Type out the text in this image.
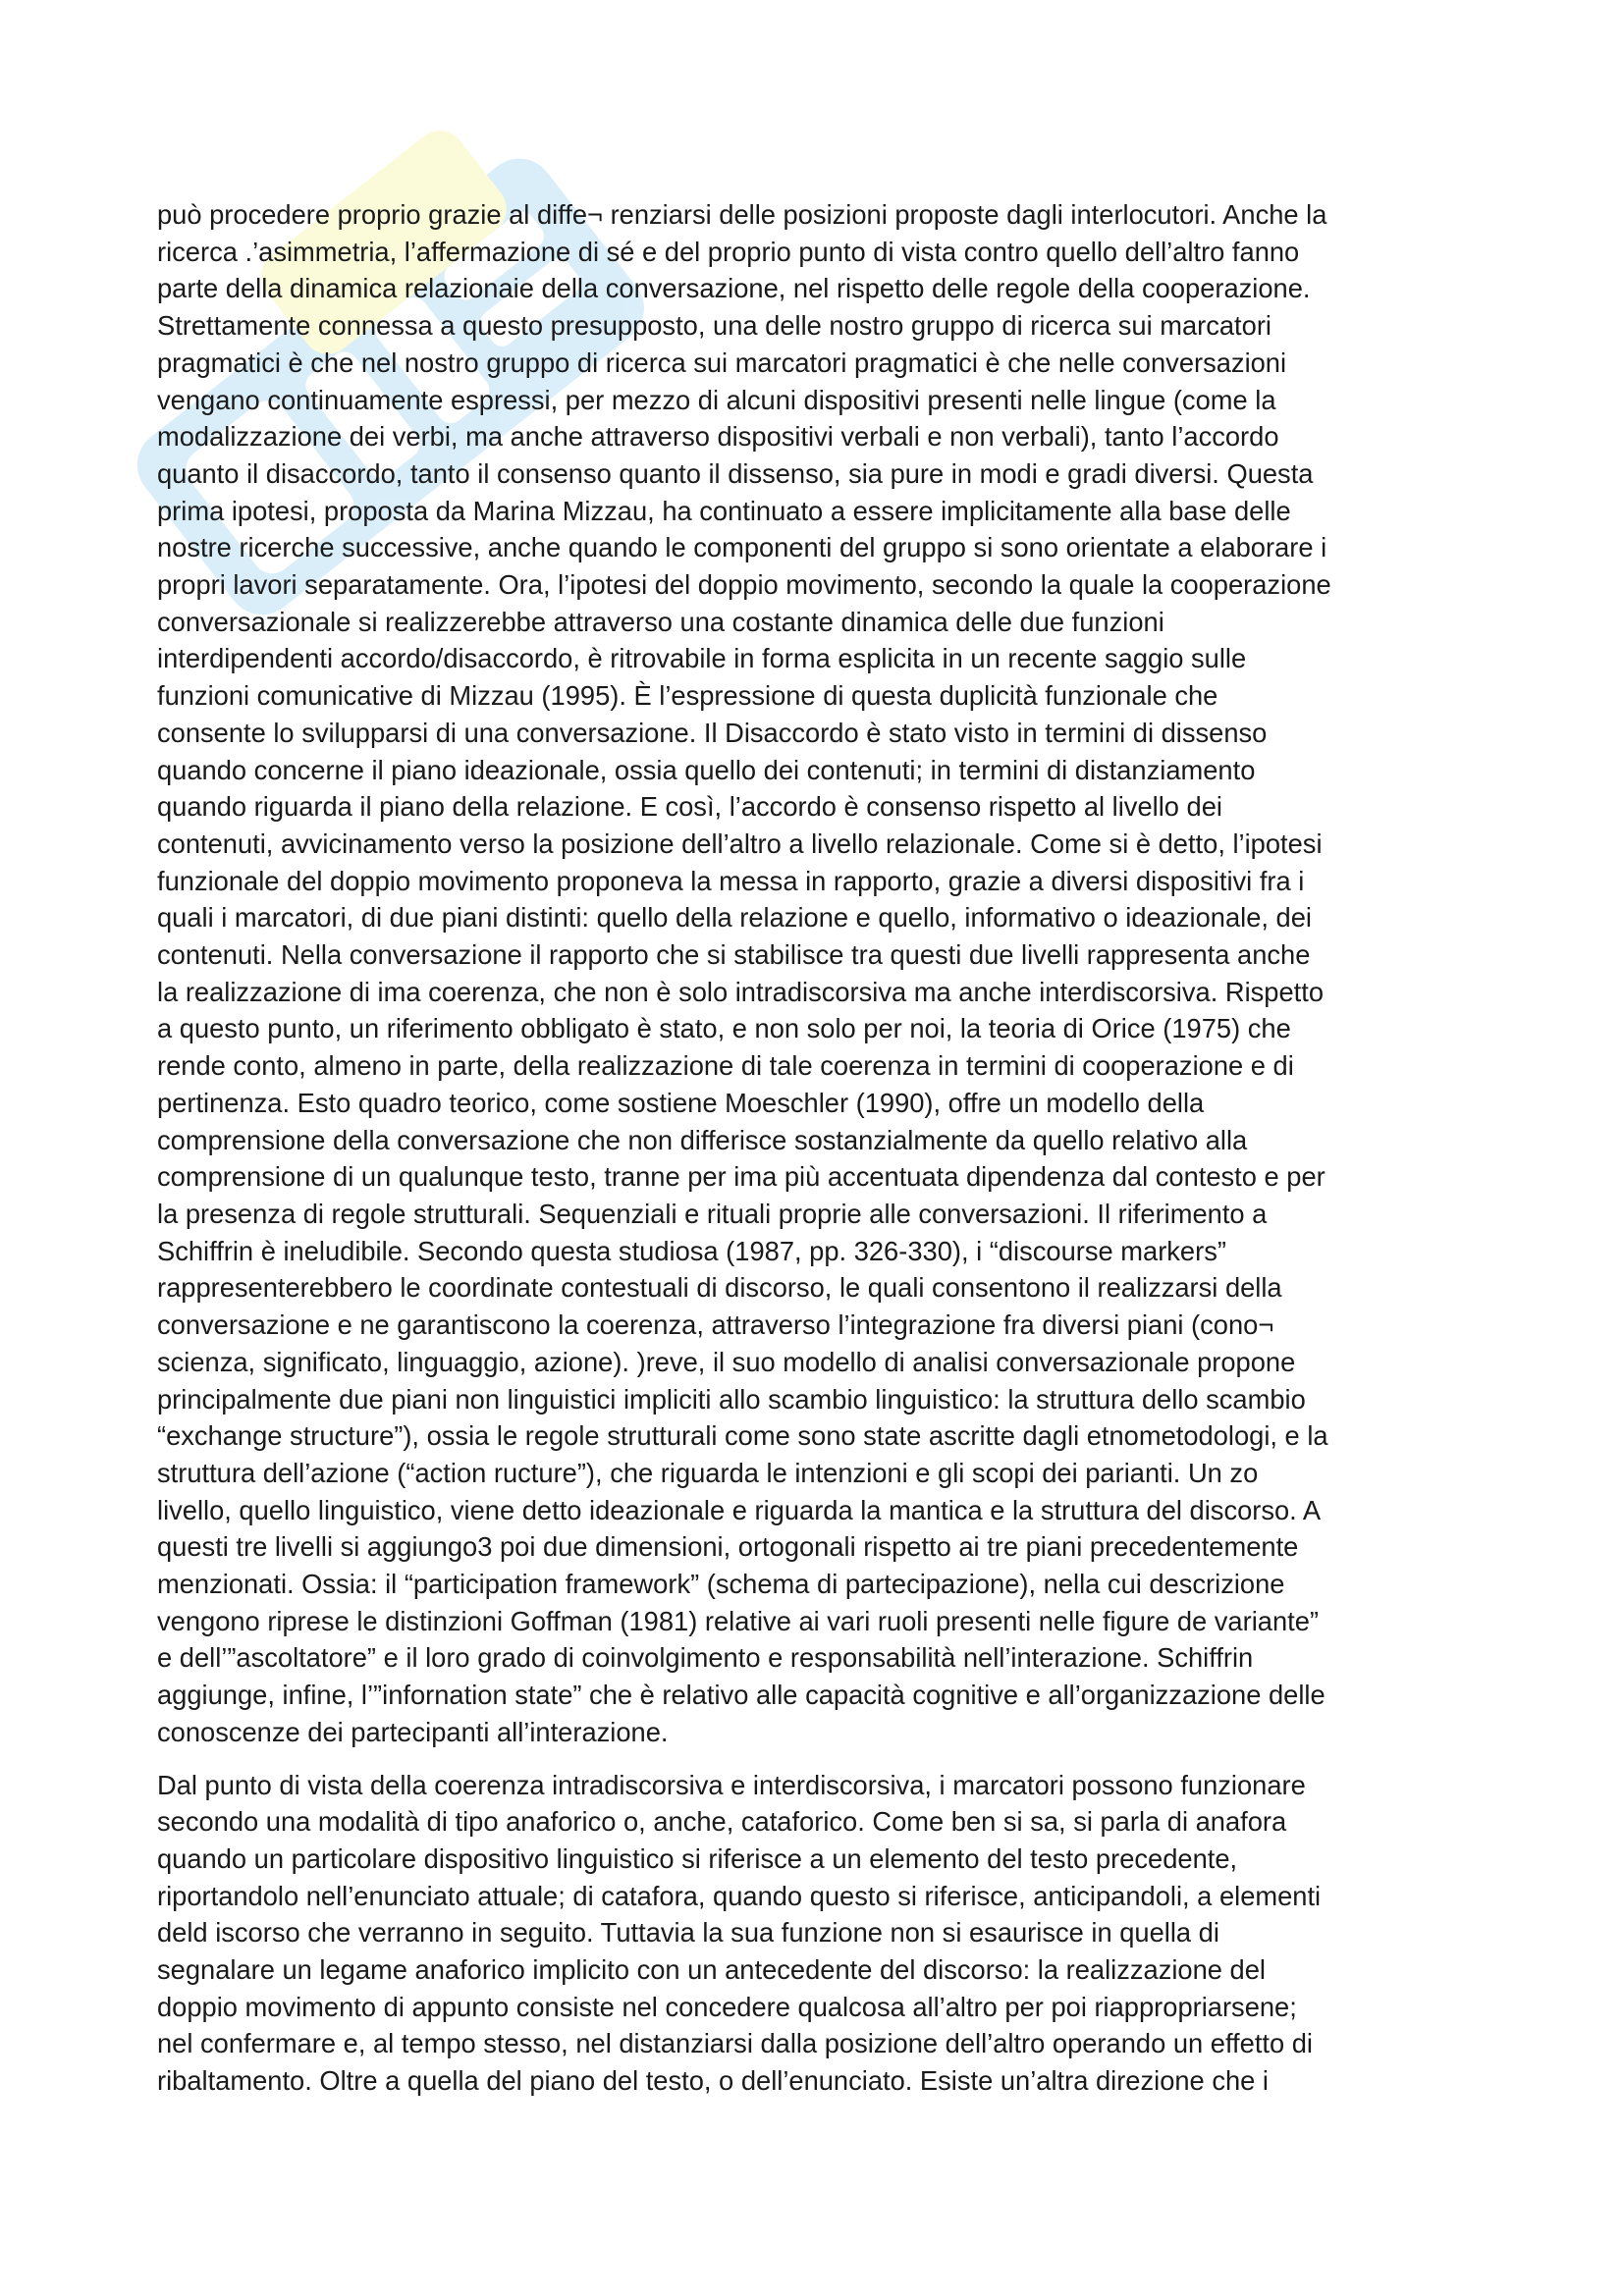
può procedere proprio grazie al diffe¬ renziarsi delle posizioni proposte dagli interlocutori. Anche la
ricerca .’asimmetria, l’affermazione di sé e del proprio punto di vista contro quello dell’altro fanno
parte della dinamica relazionaie della conversazione, nel rispetto delle regole della cooperazione.
Strettamente connessa a questo presupposto, una delle nostro gruppo di ricerca sui marcatori
pragmatici è che nel nostro gruppo di ricerca sui marcatori pragmatici è che nelle conversazioni
vengano continuamente espressi, per mezzo di alcuni dispositivi presenti nelle lingue (come la
modalizzazione dei verbi, ma anche attraverso dispositivi verbali e non verbali), tanto l’accordo
quanto il disaccordo, tanto il consenso quanto il dissenso, sia pure in modi e gradi diversi. Questa
prima ipotesi, proposta da Marina Mizzau, ha continuato a essere implicitamente alla base delle
nostre ricerche successive, anche quando le componenti del gruppo si sono orientate a elaborare i
propri lavori separatamente. Ora, l’ipotesi del doppio movimento, secondo la quale la cooperazione
conversazionale si realizzerebbe attraverso una costante dinamica delle due funzioni
interdipendenti accordo/disaccordo, è ritrovabile in forma esplicita in un recente saggio sulle
funzioni comunicative di Mizzau (1995). È l’espressione di questa duplicità funzionale che
consente lo svilupparsi di una conversazione. Il Disaccordo è stato visto in termini di dissenso
quando concerne il piano ideazionale, ossia quello dei contenuti; in termini di distanziamento
quando riguarda il piano della relazione. E così, l’accordo è consenso rispetto al livello dei
contenuti, avvicinamento verso la posizione dell’altro a livello relazionale. Come si è detto, l’ipotesi
funzionale del doppio movimento proponeva la messa in rapporto, grazie a diversi dispositivi fra i
quali i marcatori, di due piani distinti: quello della relazione e quello, informativo o ideazionale, dei
contenuti. Nella conversazione il rapporto che si stabilisce tra questi due livelli rappresenta anche
la realizzazione di ima coerenza, che non è solo intradiscorsiva ma anche interdiscorsiva. Rispetto
a questo punto, un riferimento obbligato è stato, e non solo per noi, la teoria di Orice (1975) che
rende conto, almeno in parte, della realizzazione di tale coerenza in termini di cooperazione e di
pertinenza. Esto quadro teorico, come sostiene Moeschler (1990), offre un modello della
comprensione della conversazione che non differisce sostanzialmente da quello relativo alla
comprensione di un qualunque testo, tranne per ima più accentuata dipendenza dal contesto e per
la presenza di regole strutturali. Sequenziali e rituali proprie alle conversazioni. Il riferimento a
Schiffrin è ineludibile. Secondo questa studiosa (1987, pp. 326-330), i “discourse markers”
rappresenterebbero le coordinate contestuali di discorso, le quali consentono il realizzarsi della
conversazione e ne garantiscono la coerenza, attraverso l’integrazione fra diversi piani (cono¬
scienza, significato, linguaggio, azione). )reve, il suo modello di analisi conversazionale propone
principalmente due piani non linguistici impliciti allo scambio linguistico: la struttura dello scambio
“exchange structure”), ossia le regole strutturali come sono state ascritte dagli etnometodologi, e la
struttura dell’azione (“action ructure”), che riguarda le intenzioni e gli scopi dei parianti. Un zo
livello, quello linguistico, viene detto ideazionale e riguarda la mantica e la struttura del discorso. A
questi tre livelli si aggiungo3 poi due dimensioni, ortogonali rispetto ai tre piani precedentemente
menzionati. Ossia: il “participation framework” (schema di partecipazione), nella cui descrizione
vengono riprese le distinzioni Goffman (1981) relative ai vari ruoli presenti nelle figure de variante”
e dell’”ascoltatore” e il loro grado di coinvolgimento e responsabilità nell’interazione. Schiffrin
aggiunge, infine, l’”infornation state” che è relativo alle capacità cognitive e all’organizzazione delle
conoscenze dei partecipanti all’interazione.

Dal punto di vista della coerenza intradiscorsiva e interdiscorsiva, i marcatori possono funzionare
secondo una modalità di tipo anaforico o, anche, cataforico. Come ben si sa, si parla di anafora
quando un particolare dispositivo linguistico si riferisce a un elemento del testo precedente,
riportandolo nell’enunciato attuale; di catafora, quando questo si riferisce, anticipandoli, a elementi
deld iscorso che verranno in seguito. Tuttavia la sua funzione non si esaurisce in quella di
segnalare un legame anaforico implicito con un antecedente del discorso: la realizzazione del
doppio movimento di appunto consiste nel concedere qualcosa all’altro per poi riappropriarsene;
nel confermare e, al tempo stesso, nel distanziarsi dalla posizione dell’altro operando un effetto di
ribaltamento. Oltre a quella del piano del testo, o dell’enunciato. Esiste un’altra direzione che i
